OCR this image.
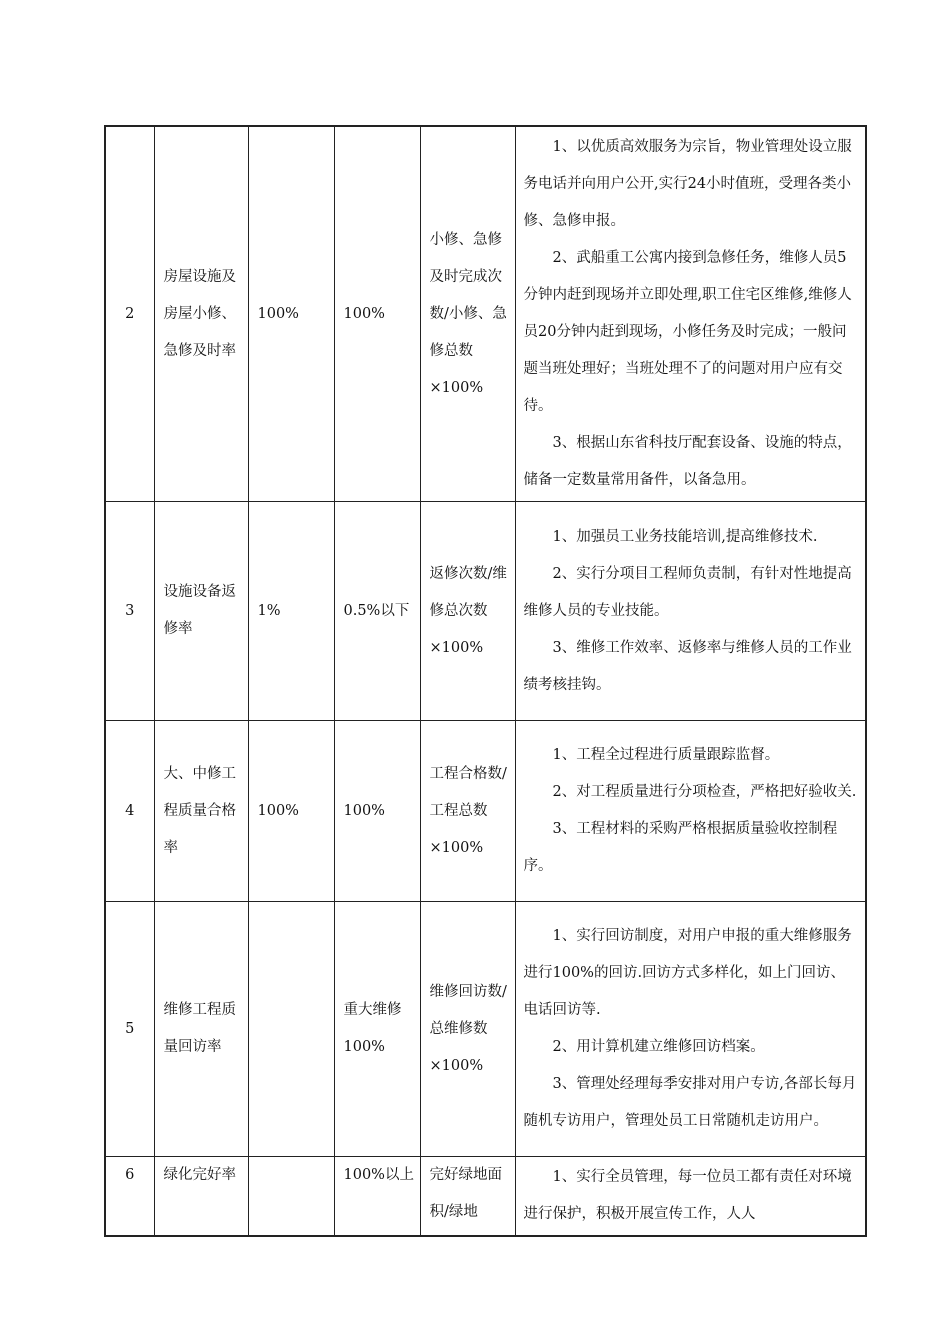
2	房屋设施及房屋小修、急修及时率	100%	100%	小修、急修及时完成次数/小修、急修总数×100%	1、以优质高效服务为宗旨，物业管理处设立服务电话并向用户公开,实行24小时值班，受理各类小修、急修申报。
2、武船重工公寓内接到急修任务，维修人员5分钟内赶到现场并立即处理,职工住宅区维修,维修人员20分钟内赶到现场，小修任务及时完成；一般问题当班处理好；当班处理不了的问题对用户应有交待。
3、根据山东省科技厅配套设备、设施的特点，储备一定数量常用备件，以备急用。

3	设施设备返修率	1%	0.5%以下	返修次数/维修总次数×100%	1、加强员工业务技能培训,提高维修技术.
2、实行分项目工程师负责制，有针对性地提高维修人员的专业技能。
3、维修工作效率、返修率与维修人员的工作业绩考核挂钩。

4	大、中修工程质量合格率	100%	100%	工程合格数/工程总数×100%	1、工程全过程进行质量跟踪监督。
2、对工程质量进行分项检查，严格把好验收关.
3、工程材料的采购严格根据质量验收控制程序。

5	维修工程质量回访率		重大维修100%	维修回访数/总维修数×100%	1、实行回访制度，对用户申报的重大维修服务进行100%的回访.回访方式多样化，如上门回访、电话回访等.
2、用计算机建立维修回访档案。
3、管理处经理每季安排对用户专访,各部长每月随机专访用户，管理处员工日常随机走访用户。

6	绿化完好率		100%以上	完好绿地面积/绿地	1、实行全员管理，每一位员工都有责任对环境进行保护，积极开展宣传工作，人人
